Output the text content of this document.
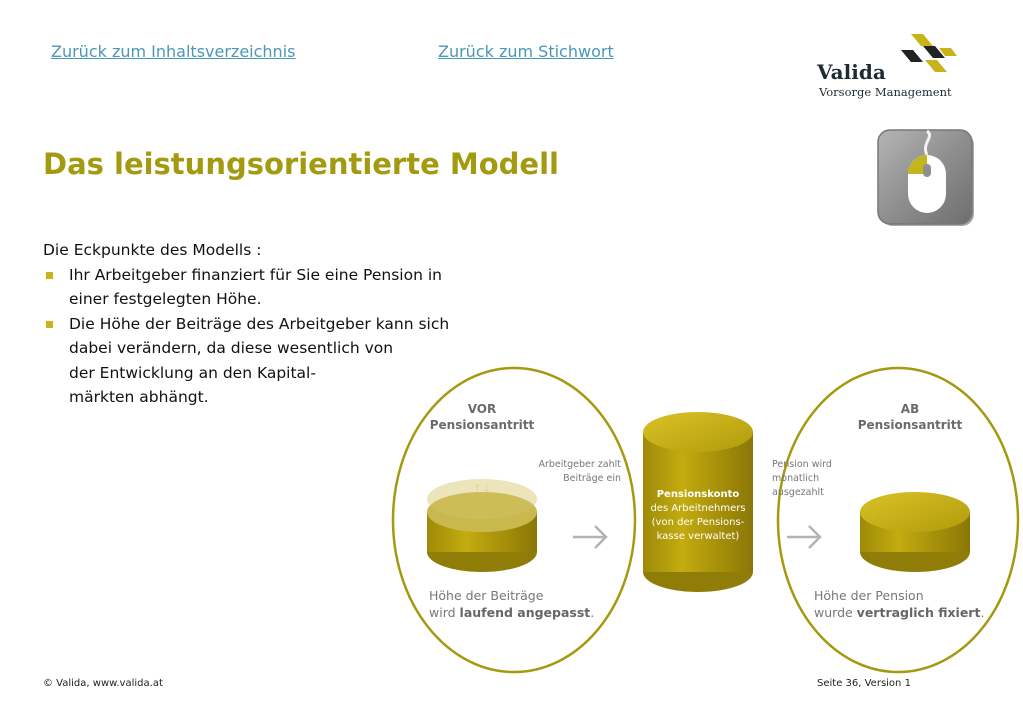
Zurück zum Inhaltsverzeichnis	Zurück zum Stichwort
Valida
Vorsorge Management
Das leistungsorientierte Modell
Die Eckpunkte des Modells :
Ihr Arbeitgeber finanziert für Sie eine Pension in
einer festgelegten Höhe.
Die Höhe der Beiträge des Arbeitgeber kann sich
dabei verändern, da diese wesentlich von
der Entwicklung an den Kapital-
märkten abhängt.
VOR
Pensionsantritt
Arbeitgeber zahlt
Beiträge ein
Höhe der Beiträge
wird laufend angepasst.
Pensionskonto
des Arbeitnehmers
(von der Pensions-
kasse verwaltet)
AB
Pensionsantritt
Pension wird
monatlich
ausgezahlt
Höhe der Pension
wurde vertraglich fixiert.
© Valida, www.valida.at	Seite 36, Version 1
